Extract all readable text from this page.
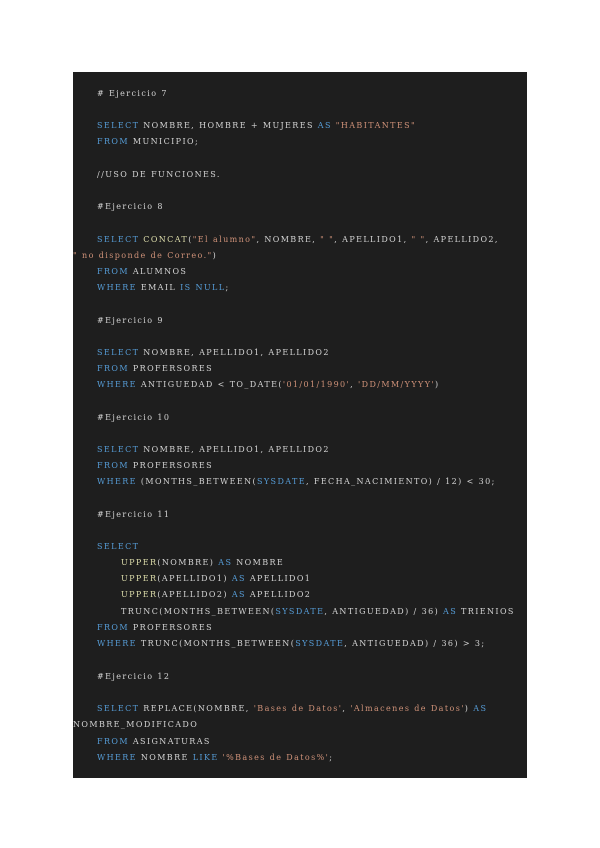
# Ejercicio 7
SELECT NOMBRE, HOMBRE + MUJERES AS "HABITANTES"
FROM MUNICIPIO;
//USO DE FUNCIONES.
#Ejercicio 8
SELECT CONCAT("El alumno", NOMBRE, " ", APELLIDO1, " ", APELLIDO2,
" no disponde de Correo.")
FROM ALUMNOS
WHERE EMAIL IS NULL;
#Ejercicio 9
SELECT NOMBRE, APELLIDO1, APELLIDO2
FROM PROFERSORES
WHERE ANTIGUEDAD < TO_DATE('01/01/1990', 'DD/MM/YYYY')
#Ejercicio 10
SELECT NOMBRE, APELLIDO1, APELLIDO2
FROM PROFERSORES
WHERE (MONTHS_BETWEEN(SYSDATE, FECHA_NACIMIENTO) / 12) < 30;
#Ejercicio 11
SELECT
UPPER(NOMBRE) AS NOMBRE
UPPER(APELLIDO1) AS APELLIDO1
UPPER(APELLIDO2) AS APELLIDO2
TRUNC(MONTHS_BETWEEN(SYSDATE, ANTIGUEDAD) / 36) AS TRIENIOS
FROM PROFERSORES
WHERE TRUNC(MONTHS_BETWEEN(SYSDATE, ANTIGUEDAD) / 36) > 3;
#Ejercicio 12
SELECT REPLACE(NOMBRE, 'Bases de Datos', 'Almacenes de Datos') AS
NOMBRE_MODIFICADO
FROM ASIGNATURAS
WHERE NOMBRE LIKE '%Bases de Datos%';
